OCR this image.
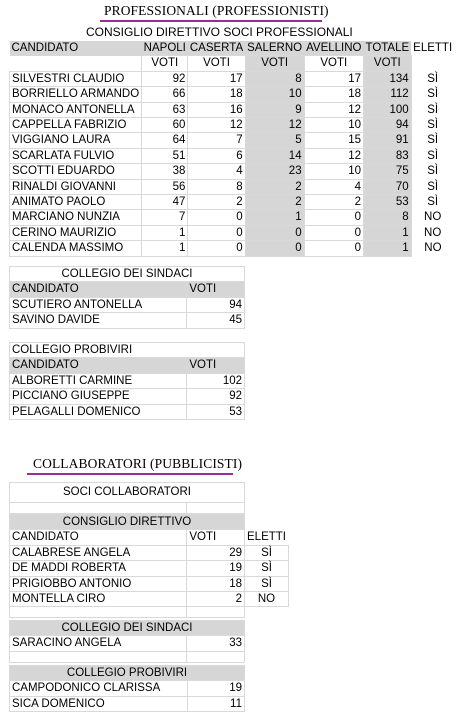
PROFESSIONALI (PROFESSIONISTI)
CONSIGLIO DIRETTIVO SOCI PROFESSIONALI
CANDIDATO	NAPOLI	CASERTA	SALERNO	AVELLINO	TOTALE	ELETTI
	VOTI	VOTI	VOTI	VOTI	VOTI	
SILVESTRI CLAUDIO	92	17	8	17	134	SÌ
BORRIELLO ARMANDO	66	18	10	18	112	SÌ
MONACO ANTONELLA	63	16	9	12	100	SÌ
CAPPELLA FABRIZIO	60	12	12	10	94	SÌ
VIGGIANO LAURA	64	7	5	15	91	SÌ
SCARLATA FULVIO	51	6	14	12	83	SÌ
SCOTTI EDUARDO	38	4	23	10	75	SÌ
RINALDI GIOVANNI	56	8	2	4	70	SÌ
ANIMATO PAOLO	47	2	2	2	53	SÌ
MARCIANO NUNZIA	7	0	1	0	8	NO
CERINO MAURIZIO	1	0	0	0	1	NO
CALENDA MASSIMO	1	0	0	0	1	NO
COLLEGIO DEI SINDACI	
CANDIDATO	VOTI
SCUTIERO ANTONELLA	94
SAVINO DAVIDE	45
COLLEGIO PROBIVIRI	
CANDIDATO	VOTI
ALBORETTI CARMINE	102
PICCIANO GIUSEPPE	92
PELAGALLI DOMENICO	53
COLLABORATORI (PUBBLICISTI)
SOCI COLLABORATORI

CONSIGLIO DIRETTIVO		
CANDIDATO	VOTI	ELETTI
CALABRESE ANGELA	29	SÌ
DE MADDI ROBERTA	19	SÌ
PRIGIOBBO ANTONIO	18	SÌ
MONTELLA CIRO	2	NO

COLLEGIO DEI SINDACI	
SARACINO ANGELA	33

COLLEGIO PROBIVIRI	
CAMPODONICO CLARISSA	19
SICA DOMENICO	11
